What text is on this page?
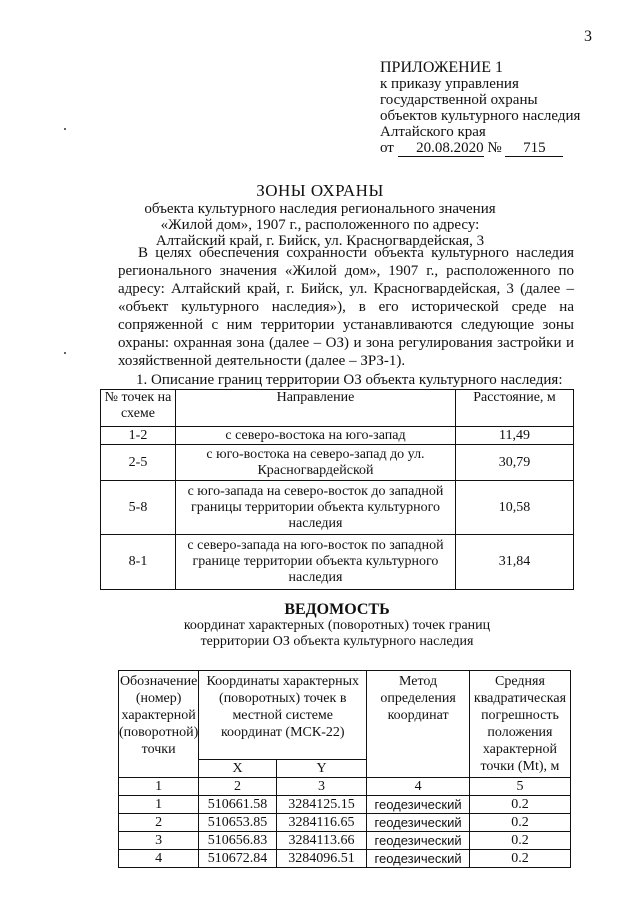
3
ПРИЛОЖЕНИЕ 1
к приказу управления
государственной охраны
объектов культурного наследия
Алтайского края
от 20.08.2020 № 715
ЗОНЫ ОХРАНЫ
объекта культурного наследия регионального значения
«Жилой дом», 1907 г., расположенного по адресу:
Алтайский край, г. Бийск, ул. Красногвардейская, 3
В целях обеспечения сохранности объекта культурного наследия регионального значения «Жилой дом», 1907 г., расположенного по адресу: Алтайский край, г. Бийск, ул. Красногвардейская, 3 (далее – «объект культурного наследия»), в его исторической среде на сопряженной с ним территории устанавливаются следующие зоны охраны: охранная зона (далее – ОЗ) и зона регулирования застройки и хозяйственной деятельности (далее – ЗРЗ-1).
1. Описание границ территории ОЗ объекта культурного наследия:
№ точек на схеме	Направление	Расстояние, м
1-2	с северо-востока на юго-запад	11,49
2-5	с юго-востока на северо-запад до ул. Красногвардейской	30,79
5-8	с юго-запада на северо-восток до западной границы территории объекта культурного наследия	10,58
8-1	с северо-запада на юго-восток по западной границе территории объекта культурного наследия	31,84
ВЕДОМОСТЬ
координат характерных (поворотных) точек границ
территории ОЗ объекта культурного наследия
Обозначение (номер) характерной (поворотной) точки	Координаты характерных (поворотных) точек в местной системе координат (МСК-22)		Метод определения координат	Средняя квадратическая погрешность положения характерной точки (Mt), м
	X	Y		
1	2	3	4	5
1	510661.58	3284125.15	геодезический	0.2
2	510653.85	3284116.65	геодезический	0.2
3	510656.83	3284113.66	геодезический	0.2
4	510672.84	3284096.51	геодезический	0.2
